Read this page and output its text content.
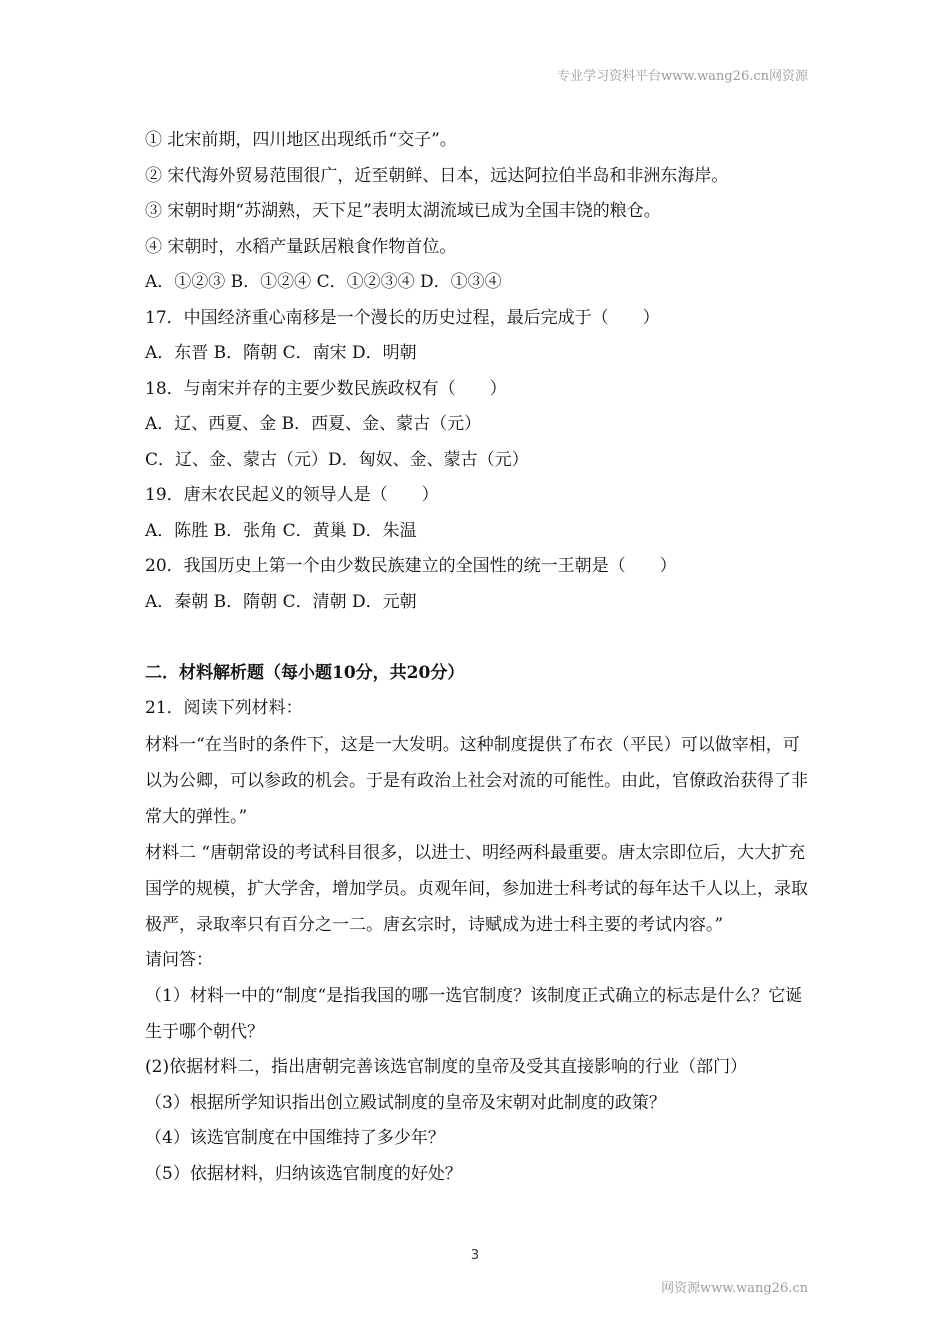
专业学习资料平台www.wang26.cn网资源
① 北宋前期，四川地区出现纸币“交子”。
② 宋代海外贸易范围很广，近至朝鲜、日本，远达阿拉伯半岛和非洲东海岸。
③ 宋朝时期“苏湖熟，天下足”表明太湖流域已成为全国丰饶的粮仓。
④ 宋朝时，水稻产量跃居粮食作物首位。
A．①②③ B．①②④ C．①②③④ D．①③④
17．中国经济重心南移是一个漫长的历史过程，最后完成于（　　）
A．东晋 B．隋朝 C．南宋 D．明朝
18．与南宋并存的主要少数民族政权有（　　）
A．辽、西夏、金 B．西夏、金、蒙古（元）
C．辽、金、蒙古（元）D．匈奴、金、蒙古（元）
19．唐末农民起义的领导人是（　　）
A．陈胜 B．张角 C．黄巢 D．朱温
20．我国历史上第一个由少数民族建立的全国性的统一王朝是（　　）
A．秦朝 B．隋朝 C．清朝 D．元朝
二．材料解析题（每小题10分，共20分）
21．阅读下列材料：

材料一“在当时的条件下，这是一大发明。这种制度提供了布衣（平民）可以做宰相，可以为公卿，可以参政的机会。于是有政治上社会对流的可能性。由此，官僚政治获得了非常大的弹性。”

材料二 “唐朝常设的考试科目很多，以进士、明经两科最重要。唐太宗即位后，大大扩充国学的规模，扩大学舍，增加学员。贞观年间，参加进士科考试的每年达千人以上，录取极严，录取率只有百分之一二。唐玄宗时，诗赋成为进士科主要的考试内容。”

请问答：
（1）材料一中的“制度“是指我国的哪一选官制度？该制度正式确立的标志是什么？它诞生于哪个朝代？
(2)依据材料二，指出唐朝完善该选官制度的皇帝及受其直接影响的行业（部门）
（3）根据所学知识指出创立殿试制度的皇帝及宋朝对此制度的政策？
（4）该选官制度在中国维持了多少年？
（5）依据材料，归纳该选官制度的好处？
3
网资源www.wang26.cn
